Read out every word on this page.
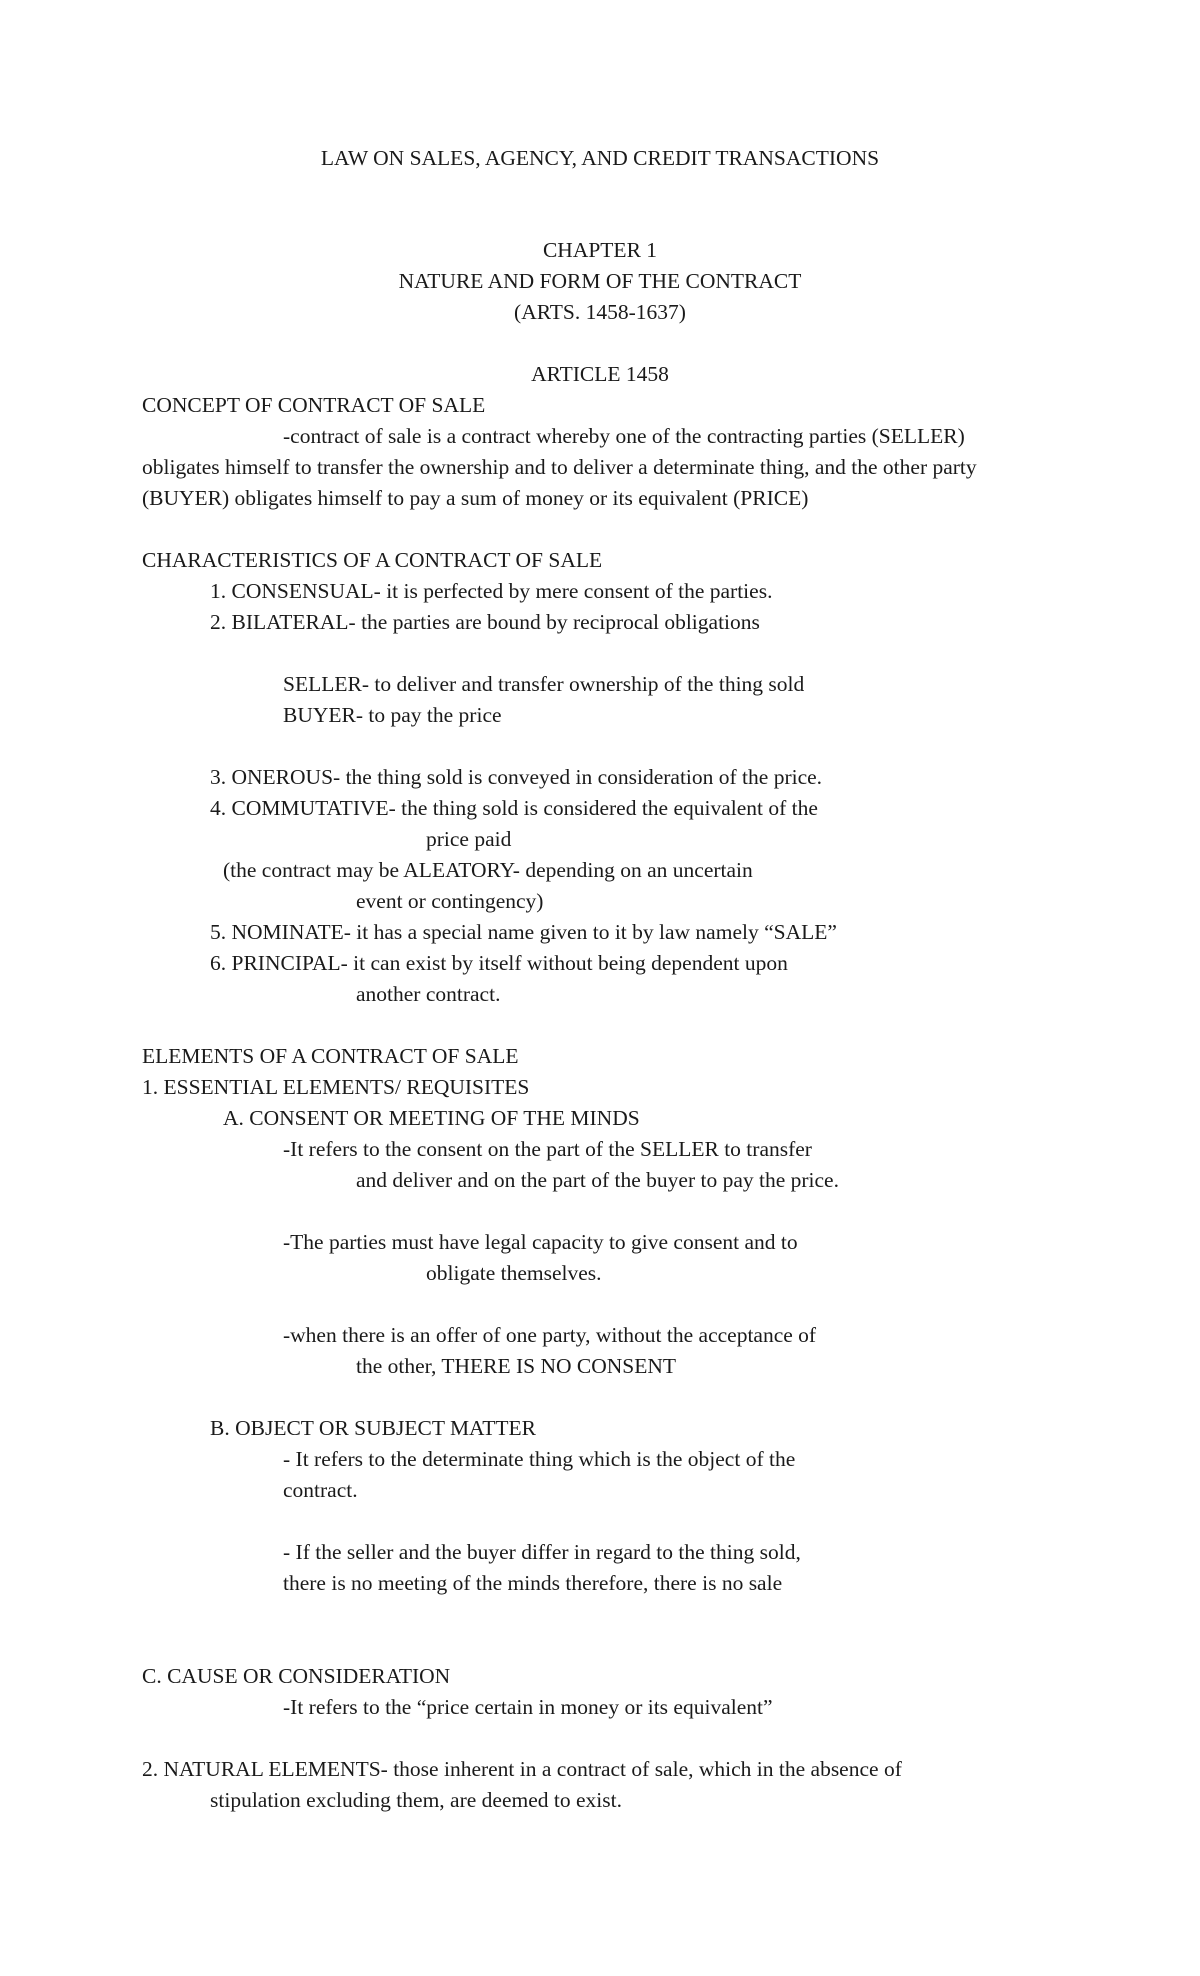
LAW ON SALES, AGENCY, AND CREDIT TRANSACTIONS
CHAPTER 1
NATURE AND FORM OF THE CONTRACT
(ARTS. 1458-1637)
ARTICLE 1458
CONCEPT OF CONTRACT OF SALE
-contract of sale is a contract whereby one of the contracting parties (SELLER)
obligates himself to transfer the ownership and to deliver a determinate thing, and the other party
(BUYER) obligates himself to pay a sum of money or its equivalent (PRICE)
CHARACTERISTICS OF A CONTRACT OF SALE
1. CONSENSUAL- it is perfected by mere consent of the parties.
2. BILATERAL- the parties are bound by reciprocal obligations
SELLER- to deliver and transfer ownership of the thing sold
BUYER- to pay the price
3. ONEROUS- the thing sold is conveyed in consideration of the price.
4. COMMUTATIVE- the thing sold is considered the equivalent of the
price paid
(the contract may be ALEATORY- depending on an uncertain
event or contingency)
5. NOMINATE- it has a special name given to it by law namely “SALE”
6. PRINCIPAL- it can exist by itself without being dependent upon
another contract.
ELEMENTS OF A CONTRACT OF SALE
1. ESSENTIAL ELEMENTS/ REQUISITES
A. CONSENT OR MEETING OF THE MINDS
-It refers to the consent on the part of the SELLER to transfer
and deliver and on the part of the buyer to pay the price.
-The parties must have legal capacity to give consent and to
obligate themselves.
-when there is an offer of one party, without the acceptance of
the other, THERE IS NO CONSENT
B. OBJECT OR SUBJECT MATTER
- It refers to the determinate thing which is the object of the
contract.
- If the seller and the buyer differ in regard to the thing sold,
there is no meeting of the minds therefore, there is no sale
C. CAUSE OR CONSIDERATION
-It refers to the “price certain in money or its equivalent”
2. NATURAL ELEMENTS- those inherent in a contract of sale, which in the absence of
stipulation excluding them, are deemed to exist.
